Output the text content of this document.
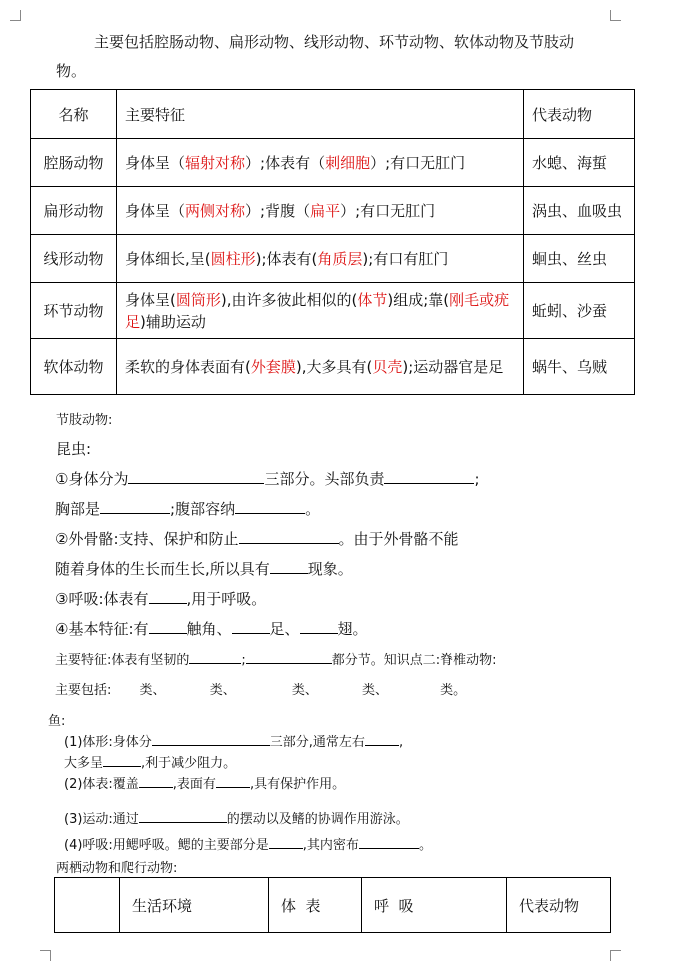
主要包括腔肠动物、扁形动物、线形动物、环节动物、软体动物及节肢动
物。
名称	主要特征	代表动物
腔肠动物	身体呈（辐射对称）;体表有（刺细胞）;有口无肛门	水螅、海蜇
扁形动物	身体呈（两侧对称）;背腹（扁平）;有口无肛门	涡虫、血吸虫
线形动物	身体细长,呈(圆柱形);体表有(角质层);有口有肛门	蛔虫、丝虫
环节动物	身体呈(圆筒形),由许多彼此相似的(体节)组成;靠(刚毛或疣足)辅助运动	蚯蚓、沙蚕
软体动物	柔软的身体表面有(外套膜),大多具有(贝壳);运动器官是足	蜗牛、乌贼
节肢动物:
昆虫:
①身体分为	三部分。头部负责	;
胸部是	;腹部容纳	。
②外骨骼:支持、保护和防止	。由于外骨骼不能
随着身体的生长而生长,所以具有	现象。
③呼吸:体表有	,用于呼吸。
④基本特征:有	触角、	足、	翅。
主要特征:体表有坚韧的	;	都分节。知识点二:脊椎动物:
主要包括: 类、	类、	类、	类、	类。
鱼:
(1)体形:身体分	三部分,通常左右	,
大多呈	,利于减少阻力。
(2)体表:覆盖	,表面有	,具有保护作用。
(3)运动:通过	的摆动以及鳍的协调作用游泳。
(4)呼吸:用鳃呼吸。鳃的主要部分是	,其内密布	。
两栖动物和爬行动物:
	生活环境	体  表	呼  吸	代表动物
